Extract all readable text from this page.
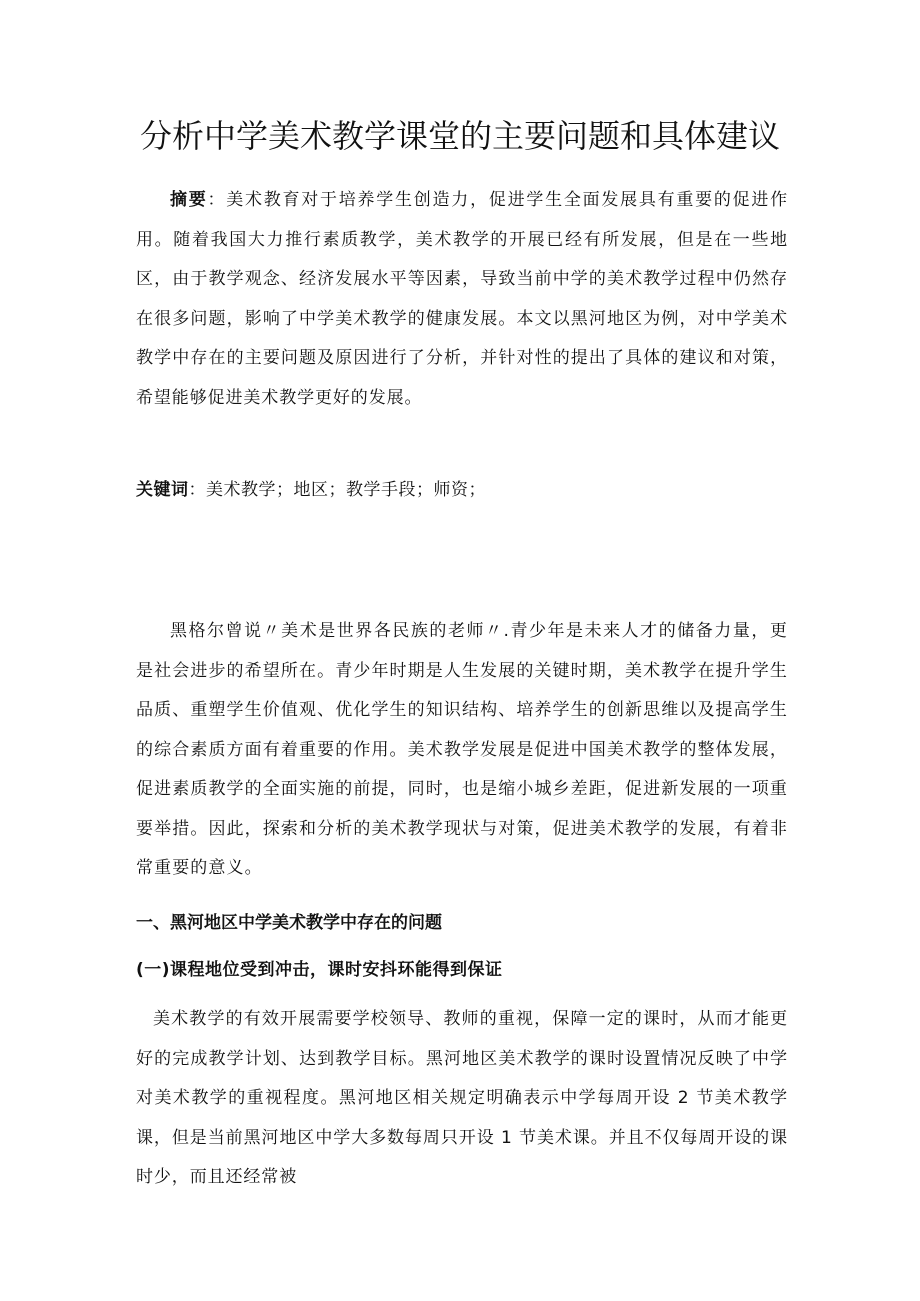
分析中学美术教学课堂的主要问题和具体建议

摘要：美术教育对于培养学生创造力，促进学生全面发展具有重要的促进作用。随着我国大力推行素质教学，美术教学的开展已经有所发展，但是在一些地区，由于教学观念、经济发展水平等因素，导致当前中学的美术教学过程中仍然存在很多问题，影响了中学美术教学的健康发展。本文以黑河地区为例，对中学美术教学中存在的主要问题及原因进行了分析，并针对性的提出了具体的建议和对策，希望能够促进美术教学更好的发展。

关键词：美术教学；地区；教学手段；师资；

黑格尔曾说〃美术是世界各民族的老师〃.青少年是未来人才的储备力量，更是社会进步的希望所在。青少年时期是人生发展的关键时期，美术教学在提升学生品质、重塑学生价值观、优化学生的知识结构、培养学生的创新思维以及提高学生的综合素质方面有着重要的作用。美术教学发展是促进中国美术教学的整体发展，促进素质教学的全面实施的前提，同时，也是缩小城乡差距，促进新发展的一项重要举措。因此，探索和分析的美术教学现状与对策，促进美术教学的发展，有着非常重要的意义。

一、黑河地区中学美术教学中存在的问题
(一)课程地位受到冲击，课时安抖环能得到保证

美术教学的有效开展需要学校领导、教师的重视，保障一定的课时，从而才能更好的完成教学计划、达到教学目标。黑河地区美术教学的课时设置情况反映了中学对美术教学的重视程度。黑河地区相关规定明确表示中学每周开设 2 节美术教学课，但是当前黑河地区中学大多数每周只开设 1 节美术课。并且不仅每周开设的课时少，而且还经常被
